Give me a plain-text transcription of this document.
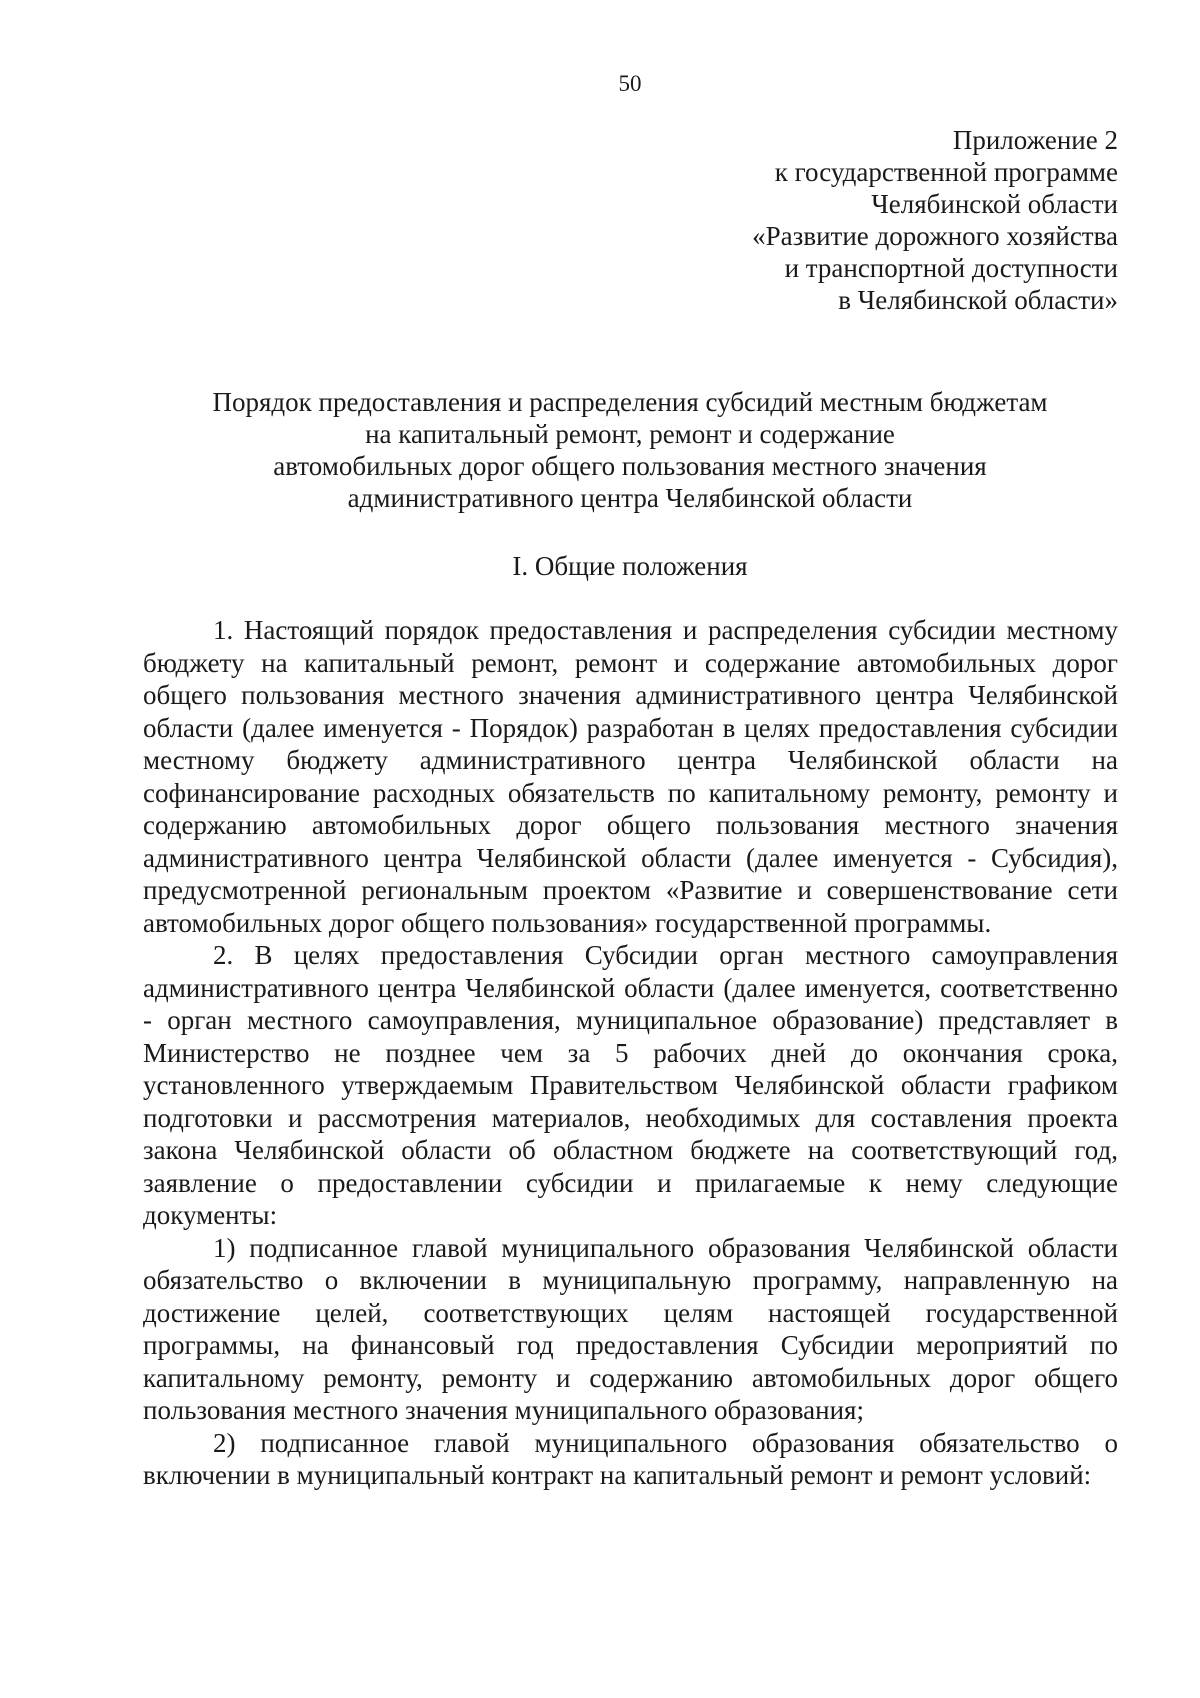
50
Приложение 2
к государственной программе
Челябинской области
«Развитие дорожного хозяйства
и транспортной доступности
в Челябинской области»
Порядок предоставления и распределения субсидий местным бюджетам
на капитальный ремонт, ремонт и содержание
автомобильных дорог общего пользования местного значения
административного центра Челябинской области
I. Общие положения

1. Настоящий порядок предоставления и распределения субсидии местному бюджету на капитальный ремонт, ремонт и содержание автомобильных дорог общего пользования местного значения административного центра Челябинской области (далее именуется - Порядок) разработан в целях предоставления субсидии местному бюджету административного центра Челябинской области на софинансирование расходных обязательств по капитальному ремонту, ремонту и содержанию автомобильных дорог общего пользования местного значения административного центра Челябинской области (далее именуется - Субсидия), предусмотренной региональным проектом «Развитие и совершенствование сети автомобильных дорог общего пользования» государственной программы.

2. В целях предоставления Субсидии орган местного самоуправления административного центра Челябинской области (далее именуется, соответственно - орган местного самоуправления, муниципальное образование) представляет в Министерство не позднее чем за 5 рабочих дней до окончания срока, установленного утверждаемым Правительством Челябинской области графиком подготовки и рассмотрения материалов, необходимых для составления проекта закона Челябинской области об областном бюджете на соответствующий год, заявление о предоставлении субсидии и прилагаемые к нему следующие документы:

1) подписанное главой муниципального образования Челябинской области обязательство о включении в муниципальную программу, направленную на достижение целей, соответствующих целям настоящей государственной программы, на финансовый год предоставления Субсидии мероприятий по капитальному ремонту, ремонту и содержанию автомобильных дорог общего пользования местного значения муниципального образования;

2) подписанное главой муниципального образования обязательство о включении в муниципальный контракт на капитальный ремонт и ремонт условий:
